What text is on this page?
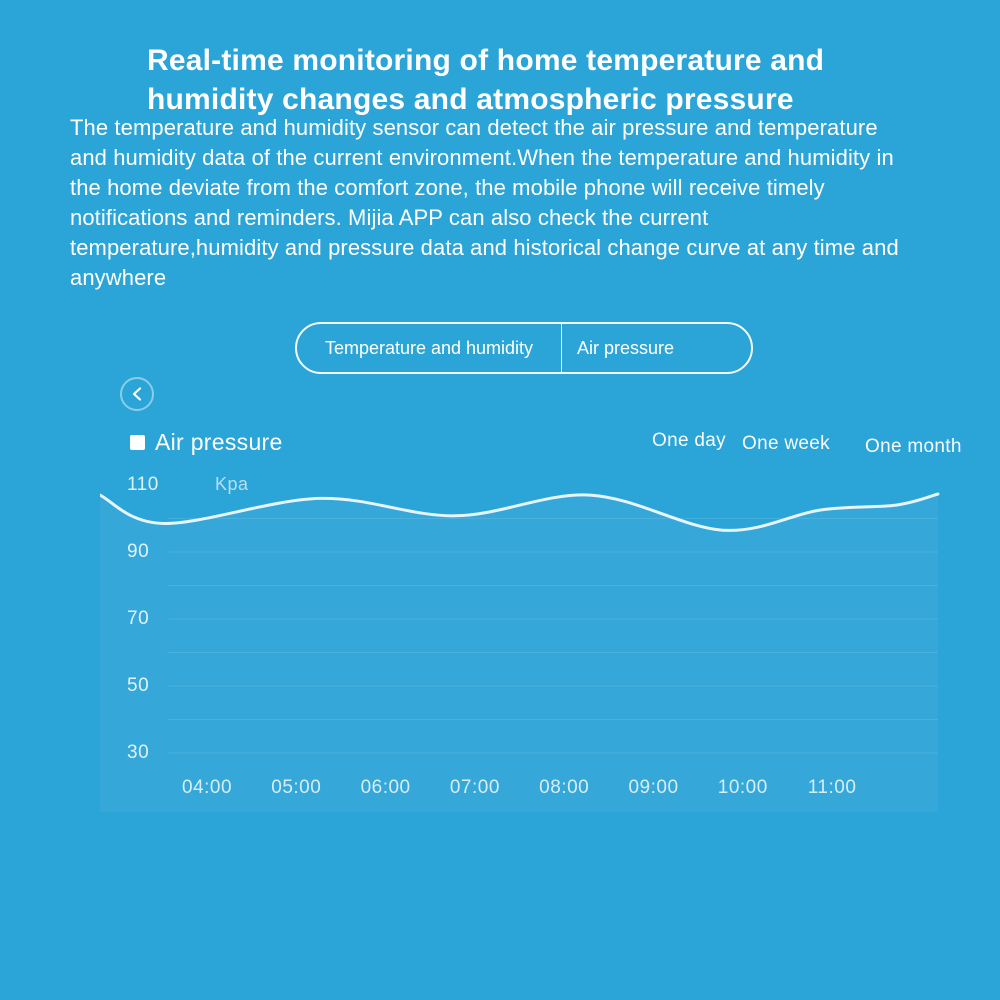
Real-time monitoring of home temperature and
humidity changes and atmospheric pressure
The temperature and humidity sensor can detect the air pressure and temperature
and humidity data of the current environment.When the temperature and humidity in
the home deviate from the comfort zone, the mobile phone will receive timely
notifications and reminders. Mijia APP can also check the current
temperature,humidity and pressure data and historical change curve at any time and
anywhere
Temperature and humidity Air pressure
Air pressure	One day One week One month
Kpa
110
90
70
50
30
04:00	05:00	06:00	07:00	08:00	09:00	10:00	11:00
